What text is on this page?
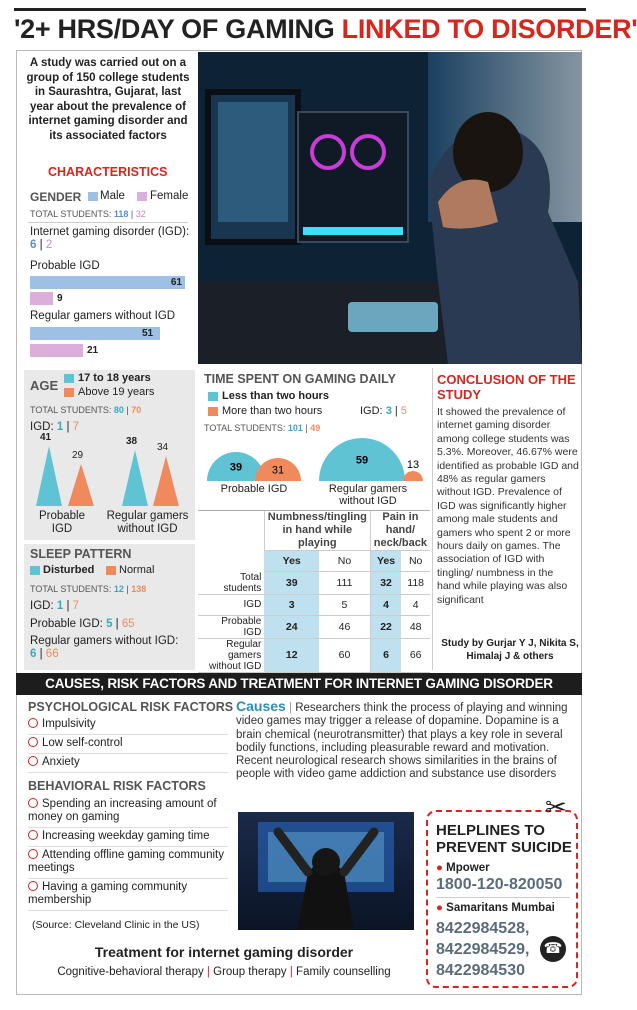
'2+ HRS/DAY OF GAMING LINKED TO DISORDER'
A study was carried out on a group of 150 college students in Saurashtra, Gujarat, last year about the prevalence of internet gaming disorder and its associated factors
CHARACTERISTICS
GENDER Male Female
TOTAL STUDENTS: 118 | 32
Internet gaming disorder (IGD): 6 | 2
Probable IGD
61
9
Regular gamers without IGD
51
21
AGE 17 to 18 years
Above 19 years
TOTAL STUDENTS: 80 | 70
IGD: 1 | 7
41
29
38
34
Probable IGD
Regular gamers without IGD
SLEEP PATTERN
Disturbed Normal
TOTAL STUDENTS: 12 | 138
IGD: 1 | 7
Probable IGD: 5 | 65
Regular gamers without IGD: 6 | 66
TIME SPENT ON GAMING DAILY
Less than two hours
More than two hours	IGD: 3 | 5
TOTAL STUDENTS: 101 | 49
39	31
59	13
Probable IGD	Regular gamers without IGD
	Numbness/tingling in hand while playing		Pain in hand/ neck/back	
	Yes	No	Yes	No
Total students	39	111	32	118
IGD	3	5	4	4
Probable IGD	24	46	22	48
Regular gamers without IGD	12	60	6	66
CONCLUSION OF THE STUDY
It showed the prevalence of internet gaming disorder among college students was 5.3%. Moreover, 46.67% were identified as probable IGD and 48% as regular gamers without IGD. Prevalence of IGD was significantly higher among male students and gamers who spent 2 or more hours daily on games. The association of IGD with tingling/ numbness in the hand while playing was also significant
Study by Gurjar Y J, Nikita S, Himalaj J & others
CAUSES, RISK FACTORS AND TREATMENT FOR INTERNET GAMING DISORDER
PSYCHOLOGICAL RISK FACTORS
Impulsivity
Low self-control
Anxiety
BEHAVIORAL RISK FACTORS
Spending an increasing amount of money on gaming
Increasing weekday gaming time
Attending offline gaming community meetings
Having a gaming community membership
(Source: Cleveland Clinic in the US)
Causes | Researchers think the process of playing and winning video games may trigger a release of dopamine. Dopamine is a brain chemical (neurotransmitter) that plays a key role in several bodily functions, including pleasurable reward and motivation. Recent neurological research shows similarities in the brains of people with video game addiction and substance use disorders
✂
HELPLINES TO PREVENT SUICIDE
● Mpower
1800-120-820050
● Samaritans Mumbai
8422984528,
8422984529,
8422984530
☎
Treatment for internet gaming disorder
Cognitive-behavioral therapy | Group therapy | Family counselling
